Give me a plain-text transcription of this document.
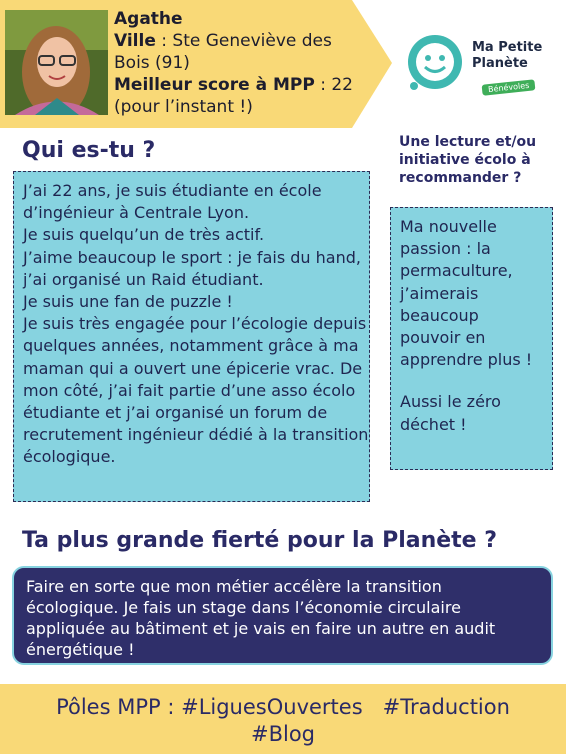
Agathe
Ville : Ste Geneviève des Bois (91)
Meilleur score à MPP : 22 (pour l’instant !)
Ma Petite
Planète
Bénévoles
Qui es-tu ?	Une lecture et/ou initiative écolo à recommander ?

J’ai 22 ans, je suis étudiante en école d’ingénieur à Centrale Lyon.

Je suis quelqu’un de très actif.

J’aime beaucoup le sport : je fais du hand, j’ai organisé un Raid étudiant.

Je suis une fan de puzzle !

Je suis très engagée pour l’écologie depuis quelques années, notamment grâce à ma maman qui a ouvert une épicerie vrac. De mon côté, j’ai fait partie d’une asso écolo étudiante et j’ai organisé un forum de recrutement ingénieur dédié à la transition écologique.

Ma nouvelle passion : la permaculture, j’aimerais beaucoup pouvoir en apprendre plus !

Aussi le zéro déchet !

Ta plus grande fierté pour la Planète ?
Faire en sorte que mon métier accélère la transition écologique. Je fais un stage dans l’économie circulaire appliquée au bâtiment et je vais en faire un autre en audit énergétique !
Pôles MPP : #LiguesOuvertes   #Traduction
#Blog
